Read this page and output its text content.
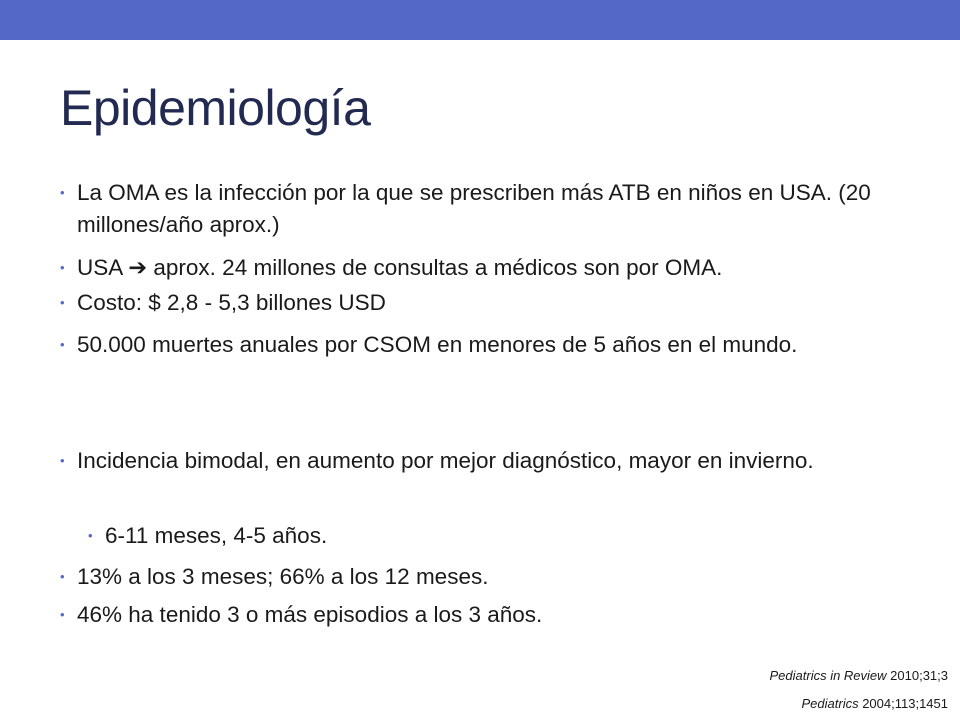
Epidemiología
• La OMA es la infección por la que se prescriben más ATB en niños en USA. (20 millones/año aprox.)
• USA ➔ aprox. 24 millones de consultas a médicos son por OMA.
• Costo: $ 2,8 - 5,3 billones USD
• 50.000 muertes anuales por CSOM en menores de 5 años en el mundo.
• Incidencia bimodal, en aumento por mejor diagnóstico, mayor en invierno.
• 6-11 meses, 4-5 años.
• 13% a los 3 meses; 66% a los 12 meses.
• 46% ha tenido 3 o más episodios a los 3 años.
Pediatrics in Review 2010;31;3
Pediatrics 2004;113;1451
